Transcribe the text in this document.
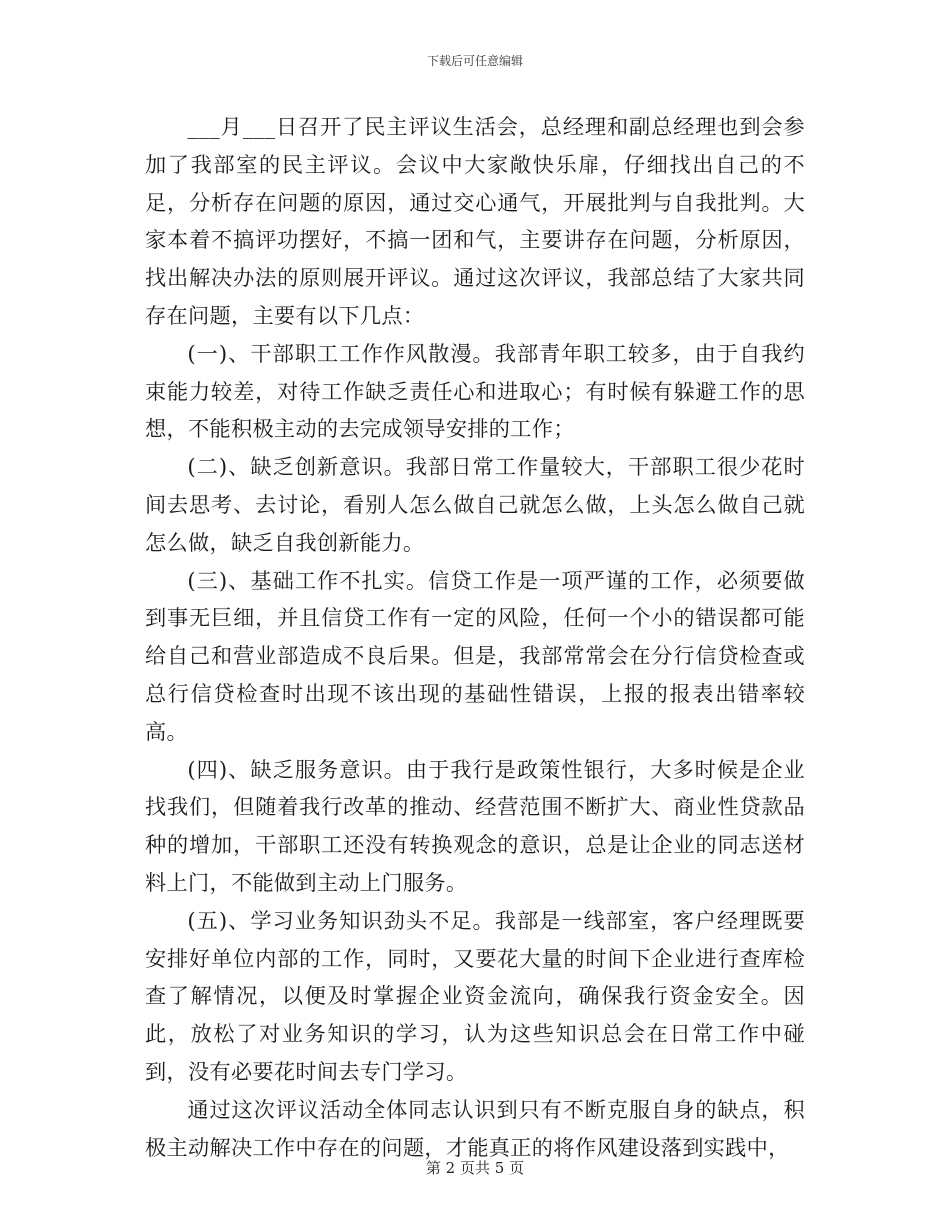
下载后可任意编辑

___月___日召开了民主评议生活会，总经理和副总经理也到会参加了我部室的民主评议。会议中大家敞快乐扉，仔细找出自己的不足，分析存在问题的原因，通过交心通气，开展批判与自我批判。大家本着不搞评功摆好，不搞一团和气，主要讲存在问题，分析原因，找出解决办法的原则展开评议。通过这次评议，我部总结了大家共同存在问题，主要有以下几点：

(一)、干部职工工作作风散漫。我部青年职工较多，由于自我约束能力较差，对待工作缺乏责任心和进取心；有时候有躲避工作的思想，不能积极主动的去完成领导安排的工作；

(二)、缺乏创新意识。我部日常工作量较大，干部职工很少花时间去思考、去讨论，看别人怎么做自己就怎么做，上头怎么做自己就怎么做，缺乏自我创新能力。

(三)、基础工作不扎实。信贷工作是一项严谨的工作，必须要做到事无巨细，并且信贷工作有一定的风险，任何一个小的错误都可能给自己和营业部造成不良后果。但是，我部常常会在分行信贷检查或总行信贷检查时出现不该出现的基础性错误，上报的报表出错率较高。

(四)、缺乏服务意识。由于我行是政策性银行，大多时候是企业找我们，但随着我行改革的推动、经营范围不断扩大、商业性贷款品种的增加，干部职工还没有转换观念的意识，总是让企业的同志送材料上门，不能做到主动上门服务。

(五)、学习业务知识劲头不足。我部是一线部室，客户经理既要安排好单位内部的工作，同时，又要花大量的时间下企业进行查库检查了解情况，以便及时掌握企业资金流向，确保我行资金安全。因此，放松了对业务知识的学习，认为这些知识总会在日常工作中碰到，没有必要花时间去专门学习。

通过这次评议活动全体同志认识到只有不断克服自身的缺点，积极主动解决工作中存在的问题，才能真正的将作风建设落到实践中，

第 2 页共 5 页
